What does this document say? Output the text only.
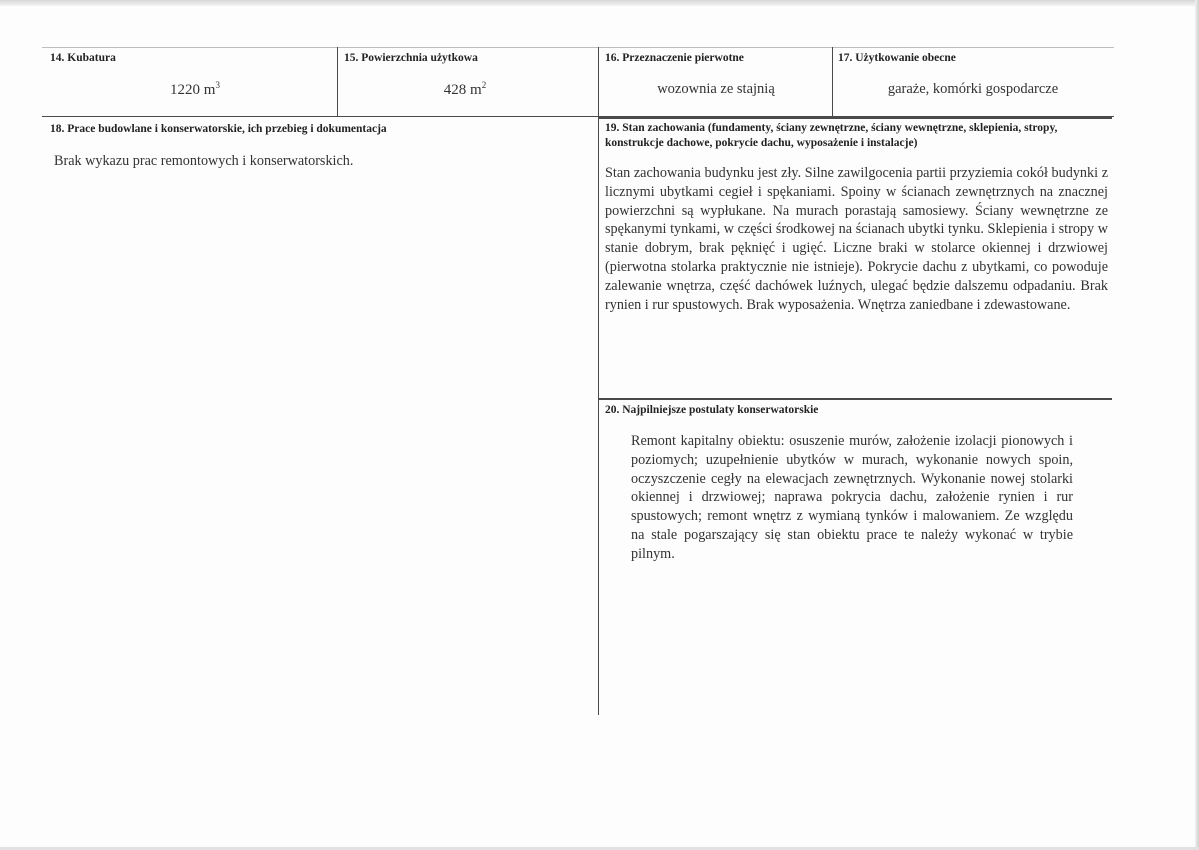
14. Kubatura
1220 $m^3$
15. Powierzchnia użytkowa
428 $m^2$
16. Przeznaczenie pierwotne
wozownia ze stajnią
17. Użytkowanie obecne
garaże, komórki gospodarcze
18. Prace budowlane i konserwatorskie, ich przebieg i dokumentacja
Brak wykazu prac remontowych i konserwatorskich.
19. Stan zachowania (fundamenty, ściany zewnętrzne, ściany wewnętrzne, sklepienia, stropy, konstrukcje dachowe, pokrycie dachu, wyposażenie i instalacje)
Stan zachowania budynku jest zły. Silne zawilgocenia partii przyziemia cokół budynki z licznymi ubytkami cegieł i spękaniami. Spoiny w ścianach zewnętrznych na znacznej powierzchni są wypłukane. Na murach porastają samosiewy. Ściany wewnętrzne ze spękanymi tynkami, w części środkowej na ścianach ubytki tynku. Sklepienia i stropy w stanie dobrym, brak pęknięć i ugięć. Liczne braki w stolarce okiennej i drzwiowej (pierwotna stolarka praktycznie nie istnieje). Pokrycie dachu z ubytkami, co powoduje zalewanie wnętrza, część dachówek luźnych, ulegać będzie dalszemu odpadaniu. Brak rynien i rur spustowych. Brak wyposażenia. Wnętrza zaniedbane i zdewastowane.
20. Najpilniejsze postulaty konserwatorskie
Remont kapitalny obiektu: osuszenie murów, założenie izolacji pionowych i poziomych; uzupełnienie ubytków w murach, wykonanie nowych spoin, oczyszczenie cegły na elewacjach zewnętrznych. Wykonanie nowej stolarki okiennej i drzwiowej; naprawa pokrycia dachu, założenie rynien i rur spustowych; remont wnętrz z wymianą tynków i malowaniem. Ze względu na stale pogarszający się stan obiektu prace te należy wykonać w trybie pilnym.
